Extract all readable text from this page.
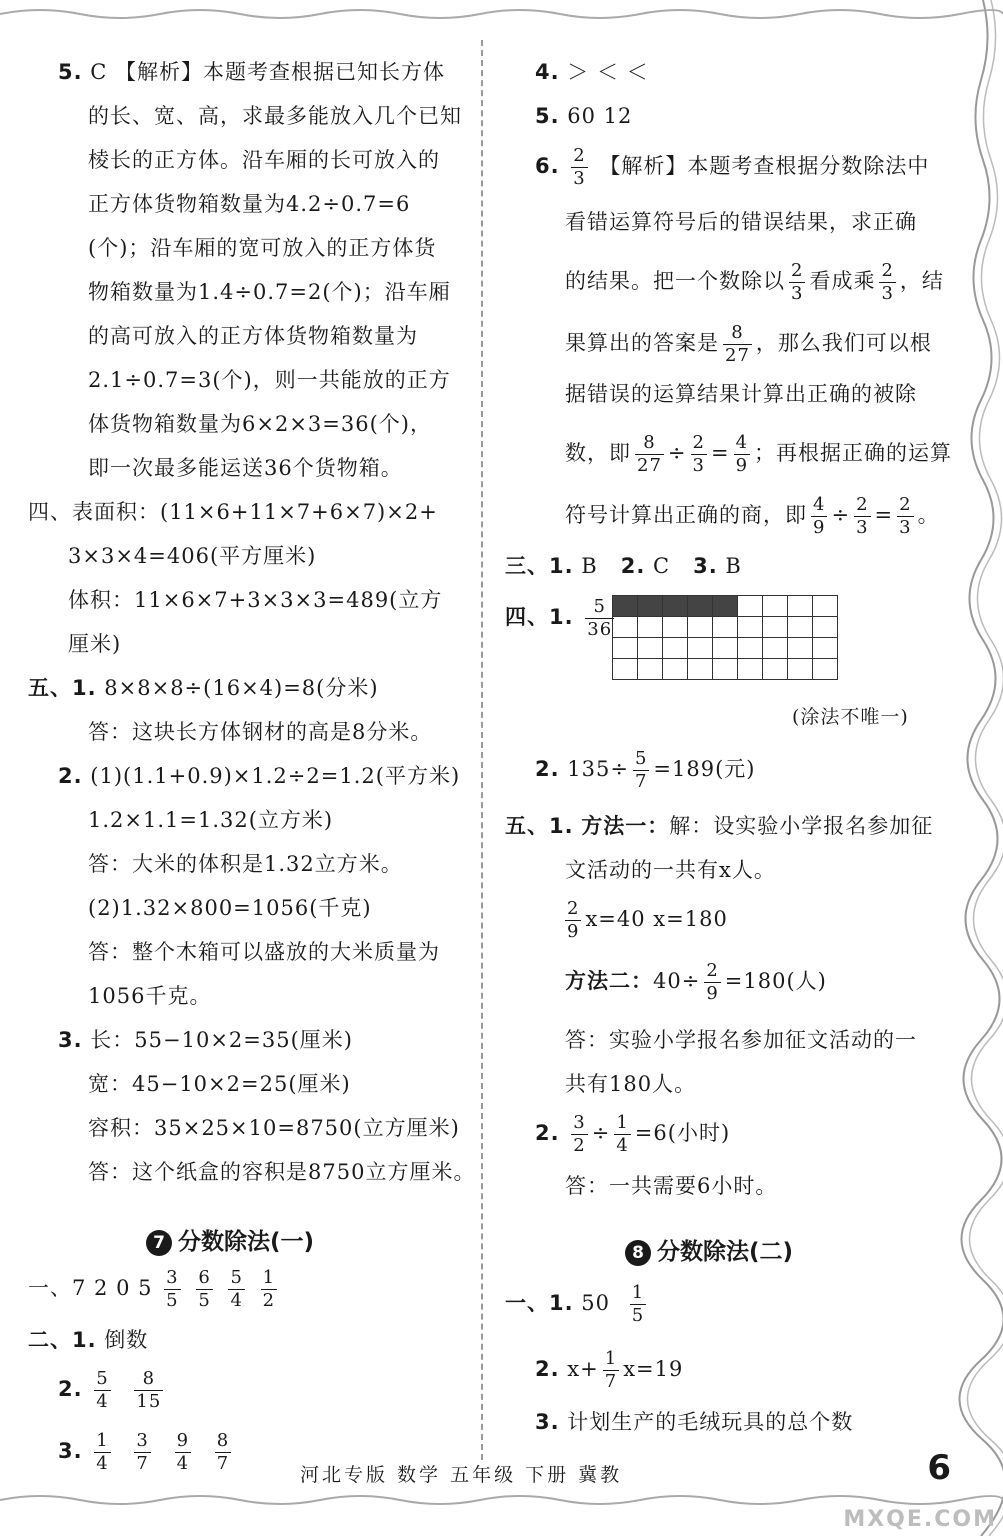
5. C 【解析】本题考查根据已知长方体
的长、宽、高，求最多能放入几个已知
棱长的正方体。沿车厢的长可放入的
正方体货物箱数量为4.2÷0.7=6
(个)；沿车厢的宽可放入的正方体货
物箱数量为1.4÷0.7=2(个)；沿车厢
的高可放入的正方体货物箱数量为
2.1÷0.7=3(个)，则一共能放的正方
体货物箱数量为6×2×3=36(个)，
即一次最多能运送36个货物箱。
四、表面积：(11×6+11×7+6×7)×2+
3×3×4=406(平方厘米)
体积：11×6×7+3×3×3=489(立方
厘米)
五、1. 8×8×8÷(16×4)=8(分米)
答：这块长方体钢材的高是8分米。
2. (1)(1.1+0.9)×1.2÷2=1.2(平方米)
1.2×1.1=1.32(立方米)
答：大米的体积是1.32立方米。
(2)1.32×800=1056(千克)
答：整个木箱可以盛放的大米质量为
1056千克。
3. 长：55−10×2=35(厘米)
宽：45−10×2=25(厘米)
容积：35×25×10=8750(立方厘米)
答：这个纸盒的容积是8750立方厘米。
7 分数除法(一)
一、7 2 0 $5 \frac{3}{5}$
$\frac{6}{5}$
$\frac{5}{4}$
$\frac{1}{2}$
二、1. 倒数
2. $\frac{5}{4}$
$\frac{8}{15}$
3. $\frac{1}{4}$
$\frac{3}{7}$
$\frac{9}{4}$
$\frac{8}{7}$
4. ＞ ＜ ＜
5. 60 12
6. $\frac{2}{3}$ 【解析】本题考查根据分数除法中
看错运算符号后的错误结果，求正确
的结果。把一个数除以 $\frac{2}{3}$ 看成乘 $\frac{2}{3}$ ，结
果算出的答案是 $\frac{8}{27}$ ，那么我们可以根
据错误的运算结果计算出正确的被除
数，即 $\frac{8}{27} \div \frac{2}{3} = \frac{4}{9}$ ；再根据正确的运算
符号计算出正确的商，即 $\frac{4}{9} \div \frac{2}{3} = \frac{2}{3}$ 。
三、1. B 2. C 3. B
四、1. $\frac{5}{36}$

(涂法不唯一)
2. $135\div \frac{5}{7} =189$(元)
五、1. 方法一：解：设实验小学报名参加征
文活动的一共有x人。
$\frac{2}{9} x=40$ x=180
方法二：$40\div \frac{2}{9} =180$(人)
答：实验小学报名参加征文活动的一
共有180人。
2. $\frac{3}{2} \div \frac{1}{4} =6$(小时)
答：一共需要6小时。
8 分数除法(二)
一、1. $50 \frac{1}{5}$
2. $x+ \frac{1}{7} x=19$
3. 计划生产的毛绒玩具的总个数
河北专版 数学 五年级 下册 冀教	6
MXQE.COM
